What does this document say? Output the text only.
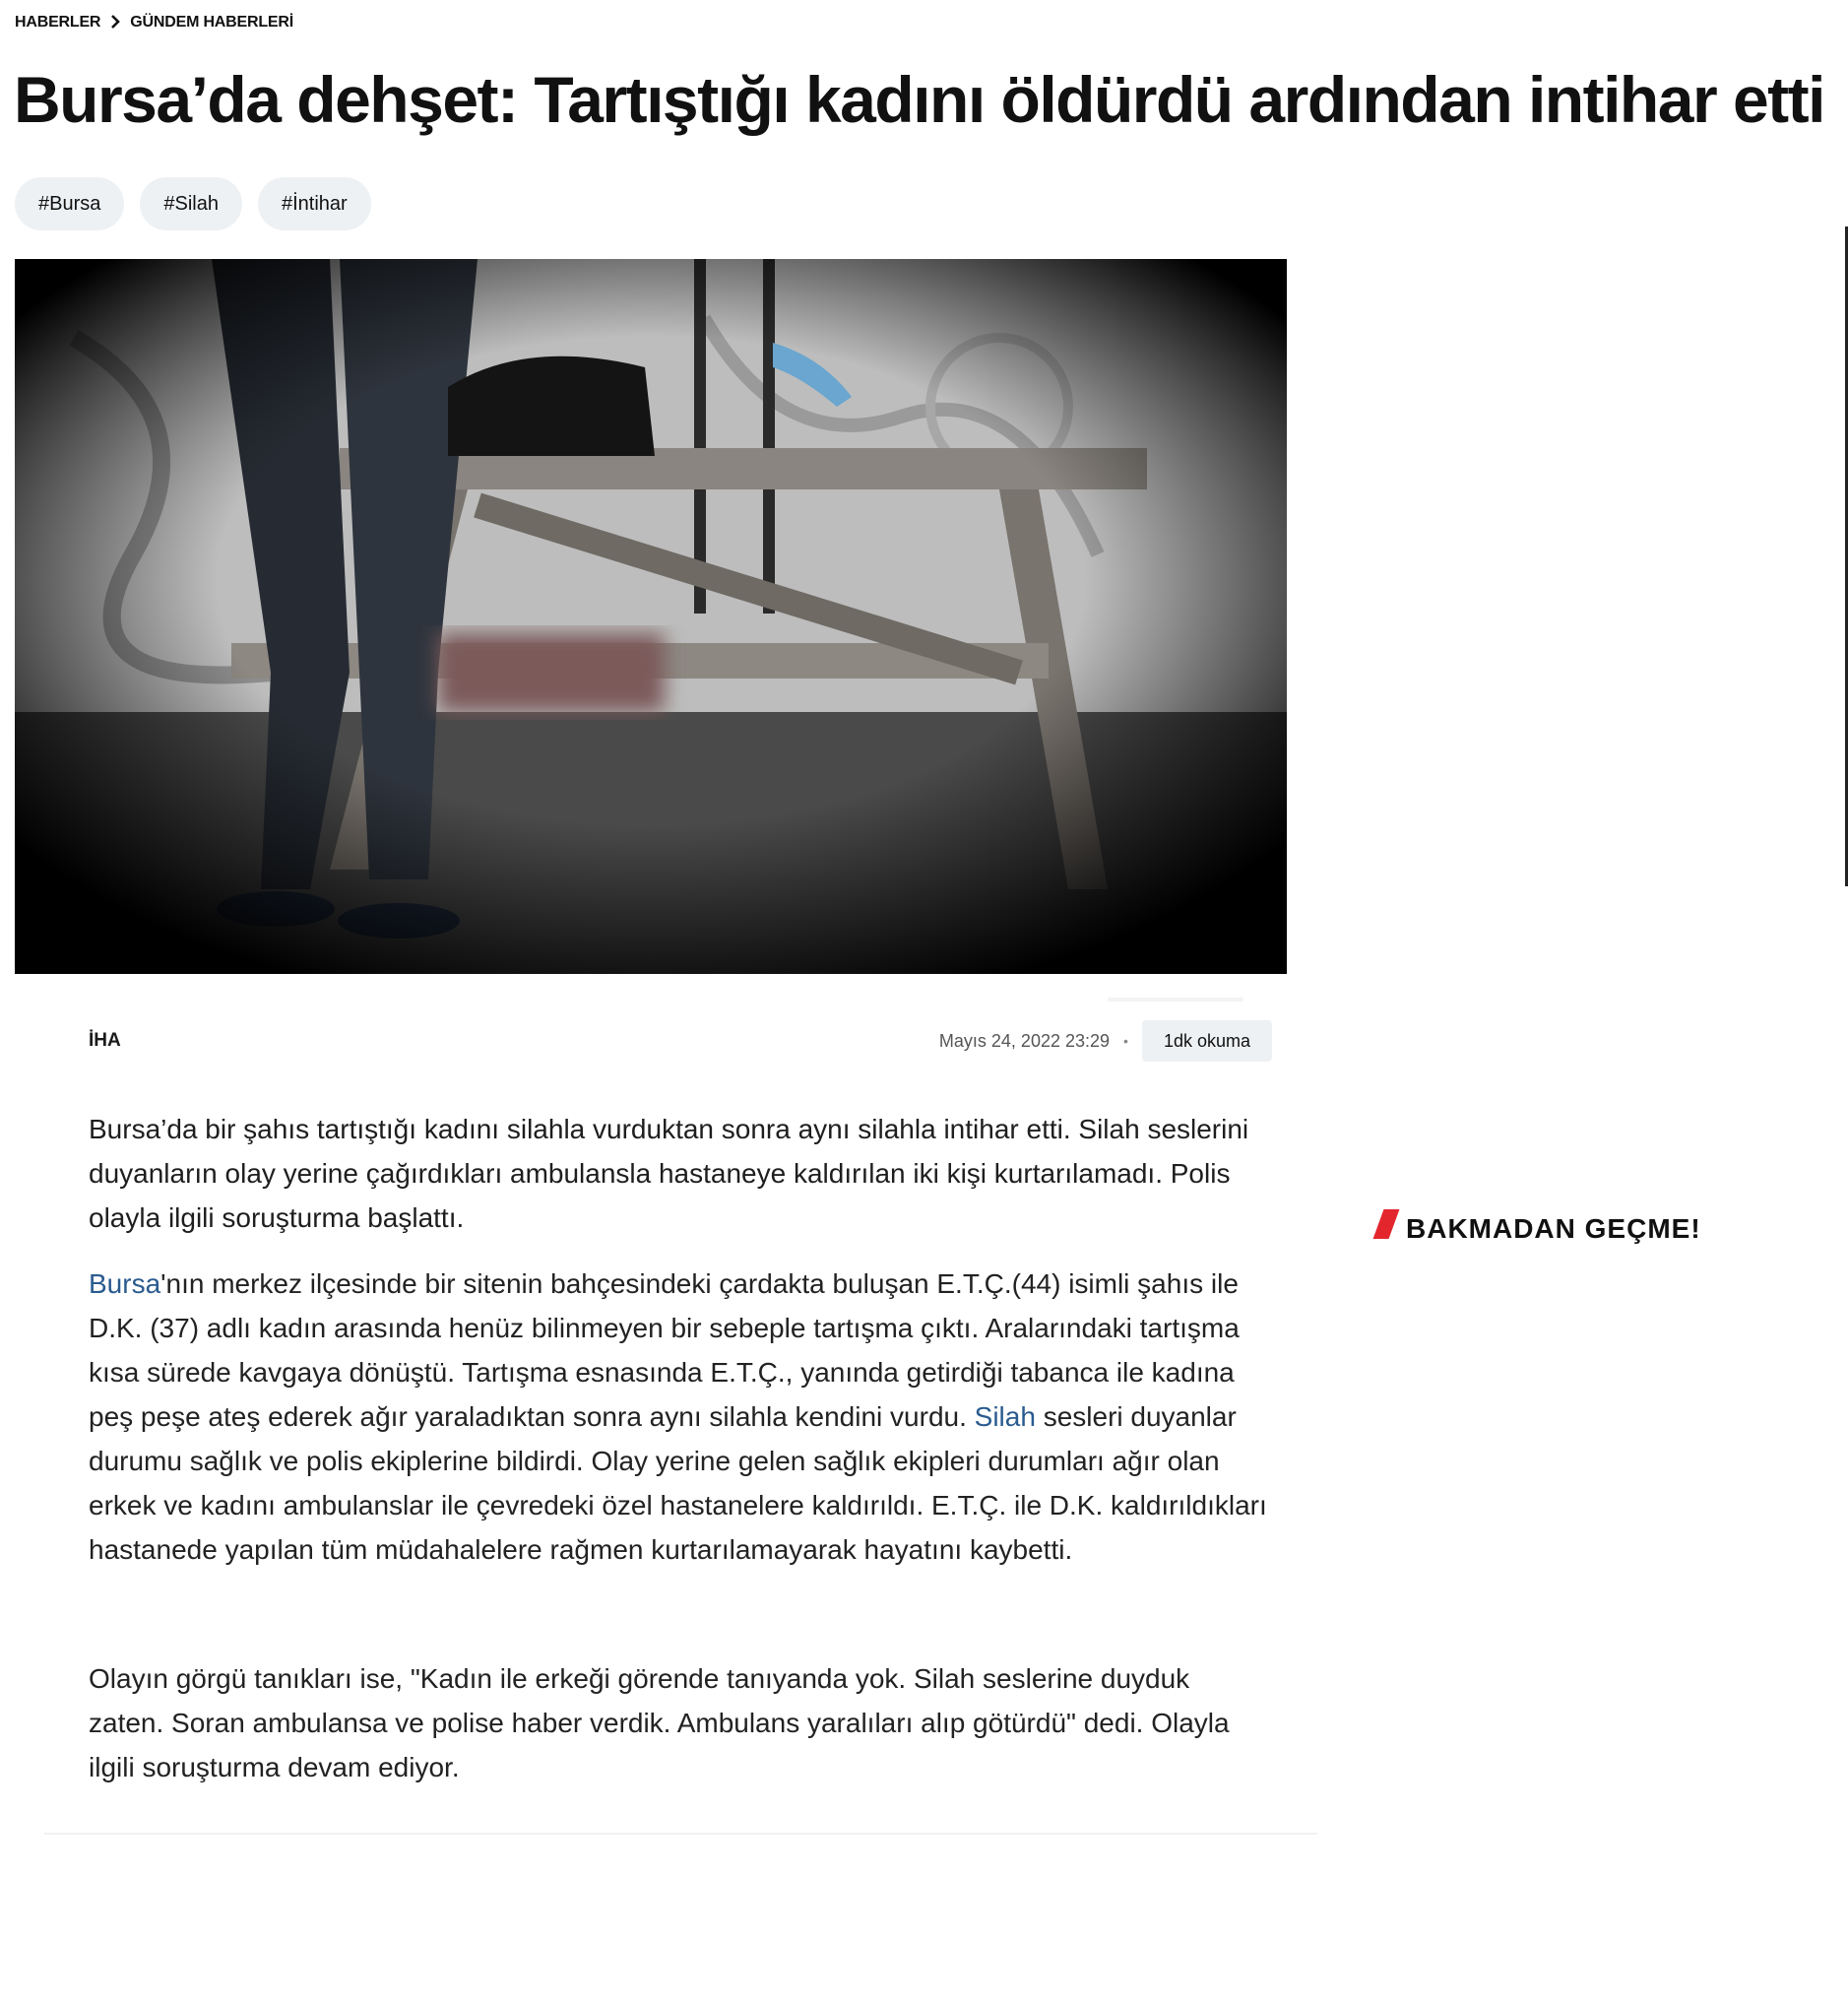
HABERLER GÜNDEM HABERLERİ
Bursa’da dehşet: Tartıştığı kadını öldürdü ardından intihar etti
#Bursa	#Silah	#İntihar
İHA	Mayıs 24, 2022 23:29 •	1dk okuma

Bursa’da bir şahıs tartıştığı kadını silahla vurduktan sonra aynı silahla intihar etti. Silah seslerini duyanların olay yerine çağırdıkları ambulansla hastaneye kaldırılan iki kişi kurtarılamadı. Polis olayla ilgili soruşturma başlattı.

Bursa'nın merkez ilçesinde bir sitenin bahçesindeki çardakta buluşan E.T.Ç.(44) isimli şahıs ile D.K. (37) adlı kadın arasında henüz bilinmeyen bir sebeple tartışma çıktı. Aralarındaki tartışma kısa sürede kavgaya dönüştü. Tartışma esnasında E.T.Ç., yanında getirdiği tabanca ile kadına peş peşe ateş ederek ağır yaraladıktan sonra aynı silahla kendini vurdu. Silah sesleri duyanlar durumu sağlık ve polis ekiplerine bildirdi. Olay yerine gelen sağlık ekipleri durumları ağır olan erkek ve kadını ambulanslar ile çevredeki özel hastanelere kaldırıldı. E.T.Ç. ile D.K. kaldırıldıkları hastanede yapılan tüm müdahalelere rağmen kurtarılamayarak hayatını kaybetti.

Olayın görgü tanıkları ise, "Kadın ile erkeği görende tanıyanda yok. Silah seslerine duyduk zaten. Soran ambulansa ve polise haber verdik. Ambulans yaralıları alıp götürdü" dedi. Olayla ilgili soruşturma devam ediyor.

BAKMADAN GEÇME!
